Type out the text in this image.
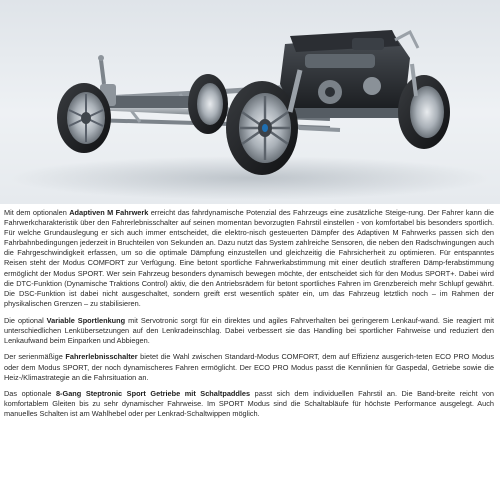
Mit dem optionalen Adaptiven M Fahrwerk erreicht das fahrdynamische Potenzial des Fahrzeugs eine zusätzliche Steige-rung. Der Fahrer kann die Fahrwerkcharakteristik über den Fahrerlebnisschalter auf seinen momentan bevorzugten Fahrstil einstellen - von komfortabel bis besonders sportlich. Für welche Grundauslegung er sich auch immer entscheidet, die elektro-nisch gesteuerten Dämpfer des Adaptiven M Fahrwerks passen sich den Fahrbahnbedingungen jederzeit in Bruchteilen von Sekunden an. Dazu nutzt das System zahlreiche Sensoren, die neben den Radschwingungen auch die Fahrgeschwindigkeit erfassen, um so die optimale Dämpfung einzustellen und gleichzeitig die Fahrsicherheit zu optimieren. Für entspanntes Reisen steht der Modus COMFORT zur Verfügung. Eine betont sportliche Fahrwerkabstimmung mit einer deutlich strafferen Dämp-ferabstimmung ermöglicht der Modus SPORT. Wer sein Fahrzeug besonders dynamisch bewegen möchte, der entscheidet sich für den Modus SPORT+. Dabei wird die DTC-Funktion (Dynamische Traktions Control) aktiv, die den Antriebsrädern für betont sportliches Fahren im Grenzbereich mehr Schlupf gewährt. Die DSC-Funktion ist dabei nicht ausgeschaltet, sondern greift erst wesentlich später ein, um das Fahrzeug letztlich noch – im Rahmen der physikalischen Grenzen – zu stabilisieren.

Die optional Variable Sportlenkung mit Servotronic sorgt für ein direktes und agiles Fahrverhalten bei geringerem Lenkauf-wand. Sie reagiert mit unterschiedlichen Lenkübersetzungen auf den Lenkradeinschlag. Dabei verbessert sie das Handling bei sportlicher Fahrweise und reduziert den Lenkaufwand beim Einparken und Abbiegen.

Der serienmäßige Fahrerlebnisschalter bietet die Wahl zwischen Standard-Modus COMFORT, dem auf Effizienz ausgerich-teten ECO PRO Modus oder dem Modus SPORT, der noch dynamischeres Fahren ermöglicht. Der ECO PRO Modus passt die Kennlinien für Gaspedal, Getriebe sowie die Heiz-/Klimastrategie an die Fahrsituation an.

Das optionale 8-Gang Steptronic Sport Getriebe mit Schaltpaddles passt sich dem individuellen Fahrstil an. Die Band-breite reicht von komfortablem Gleiten bis zu sehr dynamischer Fahrweise. Im SPORT Modus sind die Schaltabläufe für höchste Performance ausgelegt. Auch manuelles Schalten ist am Wahlhebel oder per Lenkrad-Schaltwippen möglich.
